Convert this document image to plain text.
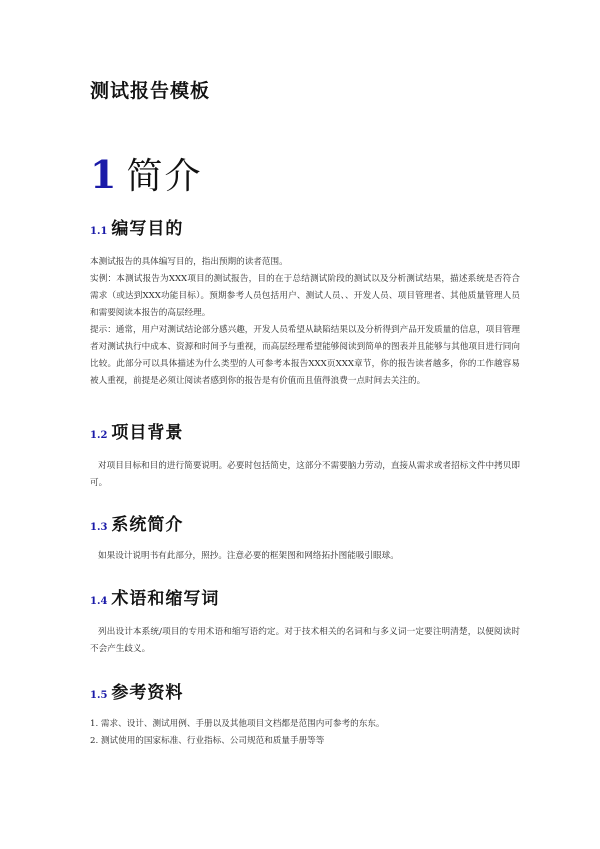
测试报告模板
1 简介
1.1 编写目的

本测试报告的具体编写目的，指出预期的读者范围。

实例：本测试报告为XXX项目的测试报告，目的在于总结测试阶段的测试以及分析测试结果，描述系统是否符合需求（或达到XXX功能目标）。预期参考人员包括用户、测试人员、、开发人员、项目管理者、其他质量管理人员和需要阅读本报告的高层经理。

提示：通常，用户对测试结论部分感兴趣，开发人员希望从缺陷结果以及分析得到产品开发质量的信息，项目管理者对测试执行中成本、资源和时间予与重视，而高层经理希望能够阅读到简单的图表并且能够与其他项目进行同向比较。此部分可以具体描述为什么类型的人可参考本报告XXX页XXX章节，你的报告读者越多，你的工作越容易被人重视，前提是必须让阅读者感到你的报告是有价值而且值得浪费一点时间去关注的。

1.2 项目背景

对项目目标和目的进行简要说明。必要时包括简史，这部分不需要脑力劳动，直接从需求或者招标文件中拷贝即可。

1.3 系统简介

如果设计说明书有此部分，照抄。注意必要的框架图和网络拓扑图能吸引眼球。

1.4 术语和缩写词

列出设计本系统/项目的专用术语和缩写语约定。对于技术相关的名词和与多义词一定要注明清楚，以便阅读时不会产生歧义。

1.5 参考资料
1. 需求、设计、测试用例、手册以及其他项目文档都是范围内可参考的东东。
2. 测试使用的国家标准、行业指标、公司规范和质量手册等等
